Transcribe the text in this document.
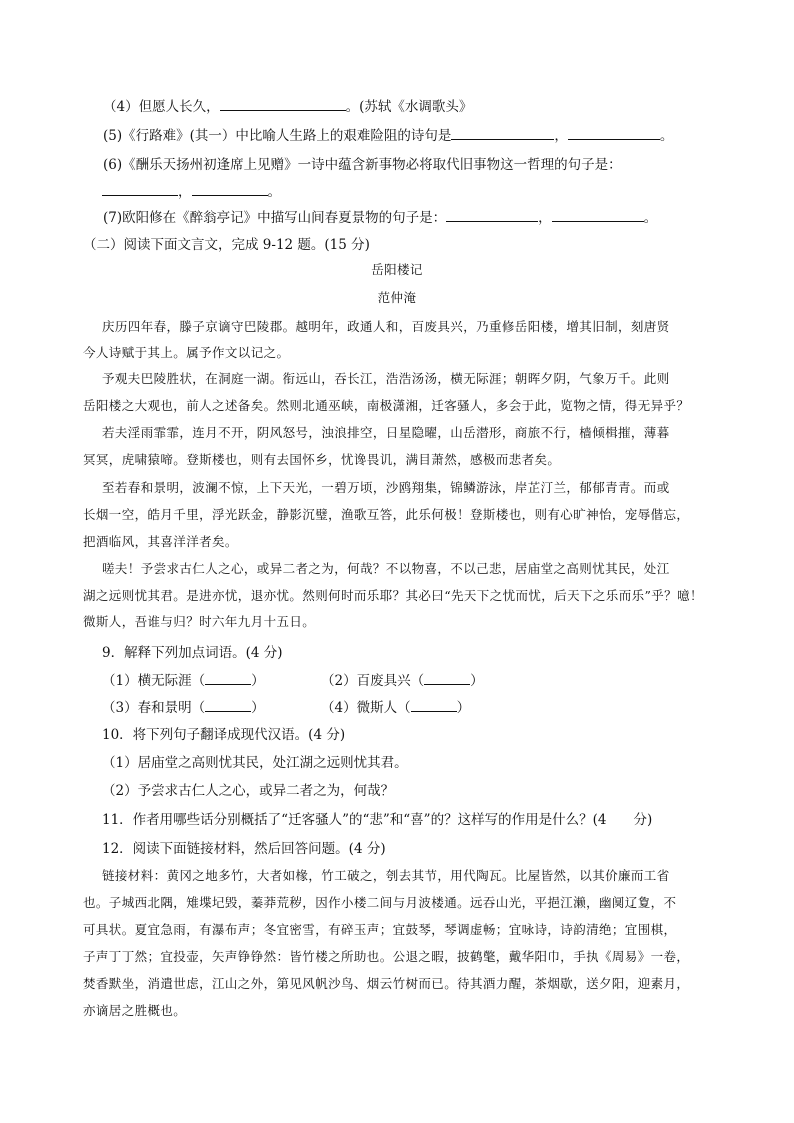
（4）但愿人长久，	。(苏轼《水调歌头》
(5)《行路难》(其一）中比喻人生路上的艰难险阻的诗句是	，	。
(6)《酬乐天扬州初逢席上见赠》一诗中蕴含新事物必将取代旧事物这一哲理的句子是：
，	。
(7)欧阳修在《醉翁亭记》中描写山间春夏景物的句子是：	，	。
（二）阅读下面文言文，完成 9-12 题。(15 分)
岳阳楼记
范仲淹
庆历四年春，滕子京谪守巴陵郡。越明年，政通人和，百废具兴，乃重修岳阳楼，增其旧制，刻唐贤
今人诗赋于其上。属予作文以记之。
予观夫巴陵胜状，在洞庭一湖。衔远山，吞长江，浩浩汤汤，横无际涯；朝晖夕阴，气象万千。此则
岳阳楼之大观也，前人之述备矣。然则北通巫峡，南极潇湘，迁客骚人，多会于此，览物之情，得无异乎？
若夫淫雨霏霏，连月不开，阴风怒号，浊浪排空，日星隐曜，山岳潜形，商旅不行，樯倾楫摧，薄暮
冥冥，虎啸猿啼。登斯楼也，则有去国怀乡，忧谗畏讥，满目萧然，感极而悲者矣。
至若春和景明，波澜不惊，上下天光，一碧万顷，沙鸥翔集，锦鳞游泳，岸芷汀兰，郁郁青青。而或
长烟一空，皓月千里，浮光跃金，静影沉璧，渔歌互答，此乐何极！登斯楼也，则有心旷神怡，宠辱偕忘，
把酒临风，其喜洋洋者矣。
嗟夫！予尝求古仁人之心，或异二者之为，何哉？不以物喜，不以己悲，居庙堂之高则忧其民，处江
湖之远则忧其君。是进亦忧，退亦忧。然则何时而乐耶？其必曰“先天下之忧而忧，后天下之乐而乐”乎？噫！
微斯人，吾谁与归？时六年九月十五日。
9．解释下列加点词语。(4 分)
（1）横无际涯（	）	（2）百废具兴（	）
（3）春和景明（	）	（4）微斯人（	）
10．将下列句子翻译成现代汉语。(4 分)
（1）居庙堂之高则忧其民，处江湖之远则忧其君。
（2）予尝求古仁人之心，或异二者之为，何哉？
11．作者用哪些话分别概括了“迁客骚人”的“悲”和“喜”的？这样写的作用是什么？(4　　分)
12．阅读下面链接材料，然后回答问题。(4 分)
链接材料：黄冈之地多竹，大者如椽，竹工破之，刳去其节，用代陶瓦。比屋皆然，以其价廉而工省
也。子城西北隅，雉堞圮毁，蓁莽荒秽，因作小楼二间与月波楼通。远吞山光，平挹江濑，幽阒辽夐，不
可具状。夏宜急雨，有瀑布声；冬宜密雪，有碎玉声；宜鼓琴，琴调虚畅；宜咏诗，诗韵清绝；宜围棋，
子声丁丁然；宜投壶，矢声铮铮然：皆竹楼之所助也。公退之暇，披鹤氅，戴华阳巾，手执《周易》一卷，
焚香默坐，消遣世虑，江山之外，第见风帆沙鸟、烟云竹树而已。待其酒力醒，茶烟歇，送夕阳，迎素月，
亦谪居之胜概也。
